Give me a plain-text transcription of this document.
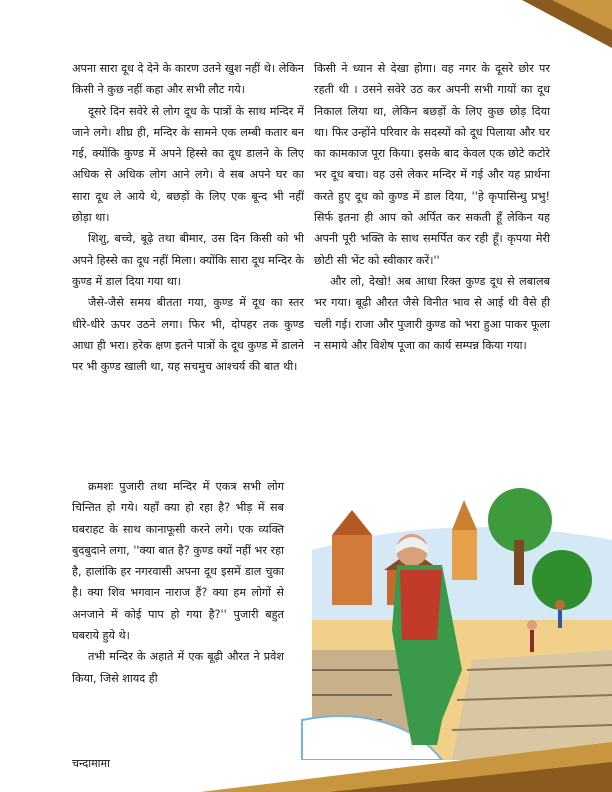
अपना सारा दूध दे देने के कारण उतने खुश नहीं थे। लेकिन किसी ने कुछ नहीं कहा और सभी लौट गये।

दूसरे दिन सवेरे से लोग दूध के पात्रों के साथ मन्दिर में जाने लगे। शीघ्र ही, मन्दिर के सामने एक लम्बी कतार बन गई, क्योंकि कुण्ड में अपने हिस्से का दूध डालने के लिए अधिक से अधिक लोग आने लगे। वे सब अपने घर का सारा दूध ले आये थे, बछड़ों के लिए एक बून्द भी नहीं छोड़ा था।

शिशु, बच्चे, बूढ़े तथा बीमार, उस दिन किसी को भी अपने हिस्से का दूध नहीं मिला। क्योंकि सारा दूध मन्दिर के कुण्ड में डाल दिया गया था।

जैसे-जैसे समय बीतता गया, कुण्ड में दूध का स्तर धीरे-धीरे ऊपर उठने लगा। फिर भी, दोपहर तक कुण्ड आधा ही भरा। हरेक क्षण इतने पात्रों के दूध कुण्ड में डालने पर भी कुण्ड खाली था, यह सचमुच आश्चर्य की बात थी।

क्रमशः पुजारी तथा मन्दिर में एकत्र सभी लोग चिन्तित हो गये। यहाँ क्या हो रहा है? भीड़ में सब घबराहट के साथ कानाफूसी करने लगे। एक व्यक्ति बुदबुदाने लगा, ''क्या बात है? कुण्ड क्यों नहीं भर रहा है, हालांकि हर नगरवासी अपना दूध इसमें डाल चुका है। क्या शिव भगवान नाराज हैं? क्या हम लोगों से अनजाने में कोई पाप हो गया है?'' पुजारी बहुत घबराये हुये थे।

तभी मन्दिर के अहाते में एक बूढ़ी औरत ने प्रवेश किया, जिसे शायद ही

किसी ने ध्यान से देखा होगा। वह नगर के दूसरे छोर पर रहती थी । उसने सवेरे उठ कर अपनी सभी गायों का दूध निकाल लिया था, लेकिन बछड़ों के लिए कुछ छोड़ दिया था। फिर उन्होंने परिवार के सदस्यों को दूध पिलाया और घर का कामकाज पूरा किया। इसके बाद केवल एक छोटे कटोरे भर दूध बचा। वह उसे लेकर मन्दिर में गई और यह प्रार्थना करते हुए दूध को कुण्ड में डाल दिया, ''हे कृपासिन्धु प्रभु! सिर्फ इतना ही आप को अर्पित कर सकती हूँ लेकिन यह अपनी पूरी भक्ति के साथ समर्पित कर रही हूँ। कृपया मेरी छोटी सी भेंट को स्वीकार करें।''

और लो, देखो! अब आधा रिक्त कुण्ड दूध से लबालब भर गया। बूढ़ी औरत जैसे विनीत भाव से आई थी वैसे ही चली गई। राजा और पुजारी कुण्ड को भरा हुआ पाकर फूला न समाये और विशेष पूजा का कार्य सम्पन्न किया गया।

चन्दामामा
